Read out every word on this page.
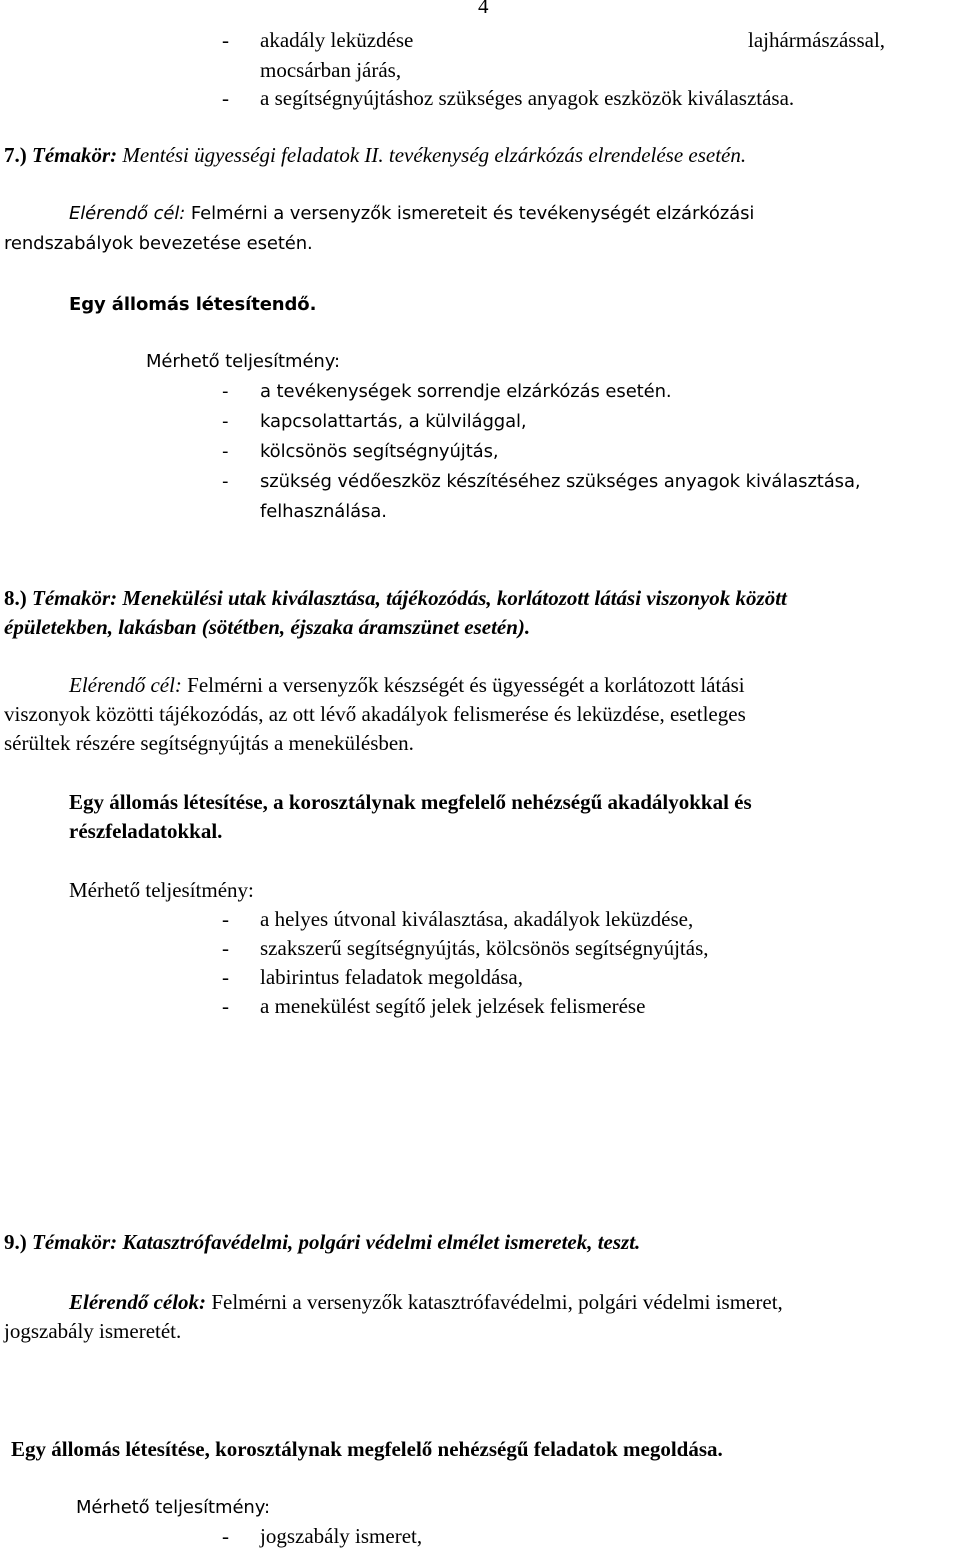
4
- akadály leküzdése	lajhármászással,
mocsárban járás,
- a segítségnyújtáshoz szükséges anyagok eszközök kiválasztása.
7.) Témakör: Mentési ügyességi feladatok II. tevékenység elzárkózás elrendelése esetén.
Elérendő cél: Felmérni a versenyzők ismereteit és tevékenységét elzárkózási
rendszabályok bevezetése esetén.
Egy állomás létesítendő.
Mérhető teljesítmény:
- a tevékenységek sorrendje elzárkózás esetén.
- kapcsolattartás, a külvilággal,
- kölcsönös segítségnyújtás,
- szükség védőeszköz készítéséhez szükséges anyagok kiválasztása,
felhasználása.
8.) Témakör: Menekülési utak kiválasztása, tájékozódás, korlátozott látási viszonyok között
épületekben, lakásban (sötétben, éjszaka áramszünet esetén).
Elérendő cél: Felmérni a versenyzők készségét és ügyességét a korlátozott látási
viszonyok közötti tájékozódás, az ott lévő akadályok felismerése és leküzdése, esetleges
sérültek részére segítségnyújtás a menekülésben.
Egy állomás létesítése, a korosztálynak megfelelő nehézségű akadályokkal és
részfeladatokkal.
Mérhető teljesítmény:
- a helyes útvonal kiválasztása, akadályok leküzdése,
- szakszerű segítségnyújtás, kölcsönös segítségnyújtás,
- labirintus feladatok megoldása,
- a menekülést segítő jelek jelzések felismerése
9.) Témakör: Katasztrófavédelmi, polgári védelmi elmélet ismeretek, teszt.
Elérendő célok: Felmérni a versenyzők katasztrófavédelmi, polgári védelmi ismeret,
jogszabály ismeretét.
Egy állomás létesítése, korosztálynak megfelelő nehézségű feladatok megoldása.
Mérhető teljesítmény:
- jogszabály ismeret,
